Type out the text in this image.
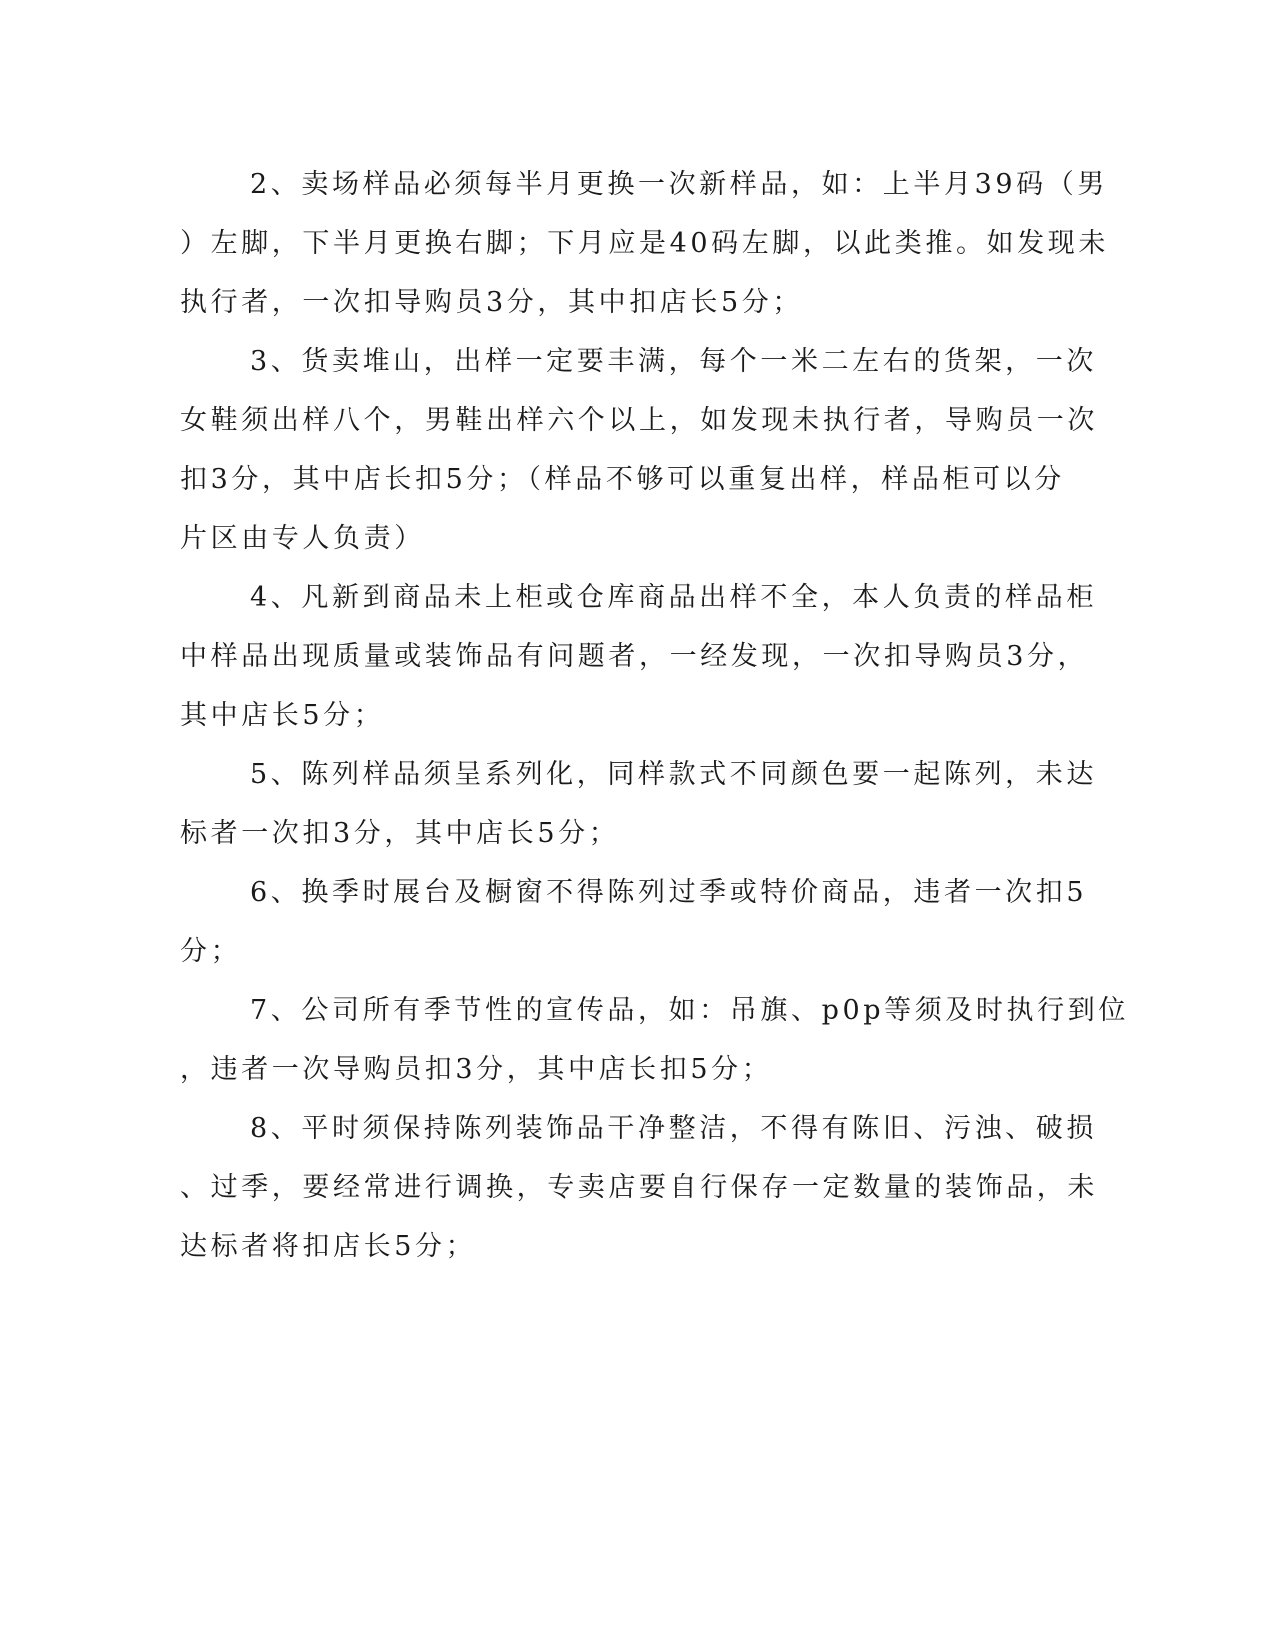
2、卖场样品必须每半月更换一次新样品，如：上半月39码（男
）左脚，下半月更换右脚；下月应是40码左脚，以此类推。如发现未
执行者，一次扣导购员3分，其中扣店长5分；
3、货卖堆山，出样一定要丰满，每个一米二左右的货架，一次
女鞋须出样八个，男鞋出样六个以上，如发现未执行者，导购员一次
扣3分，其中店长扣5分；（样品不够可以重复出样，样品柜可以分
片区由专人负责）
4、凡新到商品未上柜或仓库商品出样不全，本人负责的样品柜
中样品出现质量或装饰品有问题者，一经发现，一次扣导购员3分，
其中店长5分；
5、陈列样品须呈系列化，同样款式不同颜色要一起陈列，未达
标者一次扣3分，其中店长5分；
6、换季时展台及橱窗不得陈列过季或特价商品，违者一次扣5
分；
7、公司所有季节性的宣传品，如：吊旗、p0p等须及时执行到位
，违者一次导购员扣3分，其中店长扣5分；
8、平时须保持陈列装饰品干净整洁，不得有陈旧、污浊、破损
、过季，要经常进行调换，专卖店要自行保存一定数量的装饰品，未
达标者将扣店长5分；
